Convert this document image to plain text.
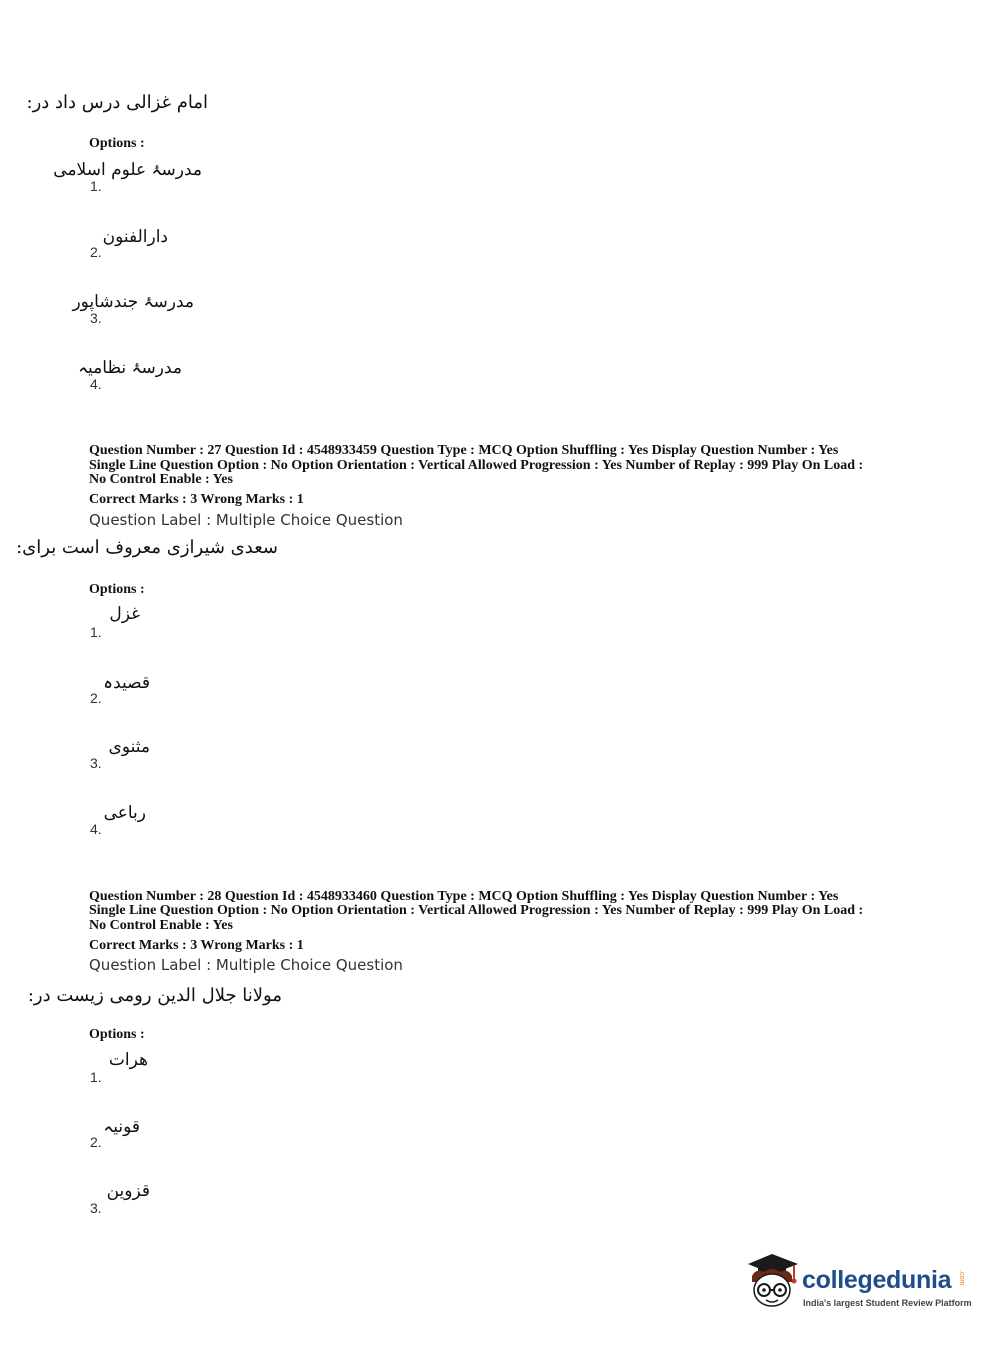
امام غزالی درس داد در:
Options :
مدرسۂ علوم اسلامی
1.
دارالفنون
2.
مدرسۂ جندشاپور
3.
مدرسۂ نظامیہ
4.
Question Number : 27 Question Id : 4548933459 Question Type : MCQ Option Shuffling : Yes Display Question Number : Yes
Single Line Question Option : No Option Orientation : Vertical Allowed Progression : Yes Number of Replay : 999 Play On Load :
No Control Enable : Yes
Correct Marks : 3 Wrong Marks : 1
Question Label : Multiple Choice Question
سعدی شیرازی معروف است برای:
Options :
غزل
1.
قصیدہ
2.
مثنوی
3.
رباعی
4.
Question Number : 28 Question Id : 4548933460 Question Type : MCQ Option Shuffling : Yes Display Question Number : Yes
Single Line Question Option : No Option Orientation : Vertical Allowed Progression : Yes Number of Replay : 999 Play On Load :
No Control Enable : Yes
Correct Marks : 3 Wrong Marks : 1
Question Label : Multiple Choice Question
مولانا جلال الدین رومی زیست در:
Options :
هرات
1.
قونیہ
2.
قزوین
3.
collegedunia .com
India's largest Student Review Platform
